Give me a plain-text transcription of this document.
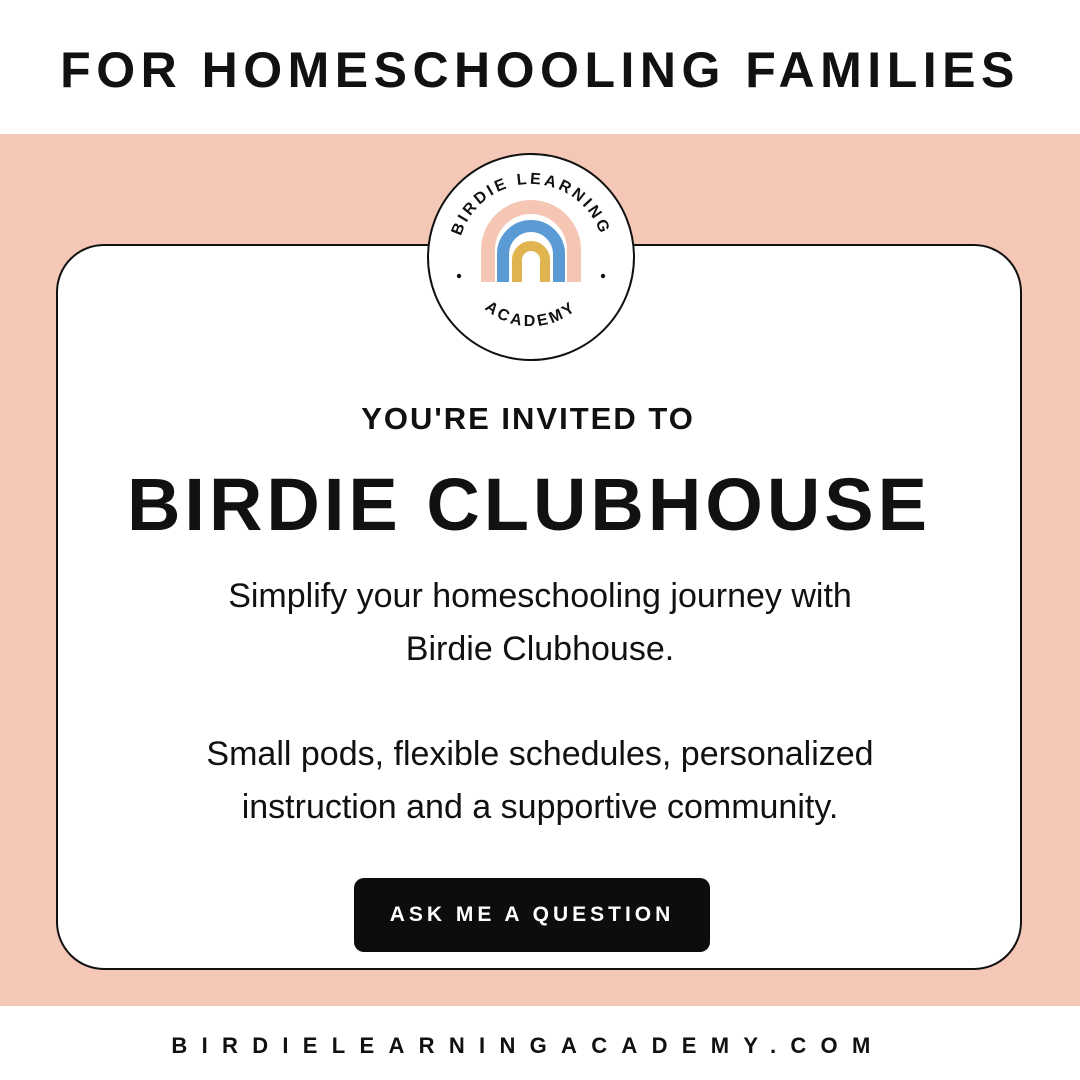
FOR HOMESCHOOLING FAMILIES
BIRDIE LEARNING
ACADEMY
YOU'RE INVITED TO
BIRDIE CLUBHOUSE
Simplify your homeschooling journey with
Birdie Clubhouse.
Small pods, flexible schedules, personalized
instruction and a supportive community.
ASK ME A QUESTION
BIRDIELEARNINGACADEMY.COM
